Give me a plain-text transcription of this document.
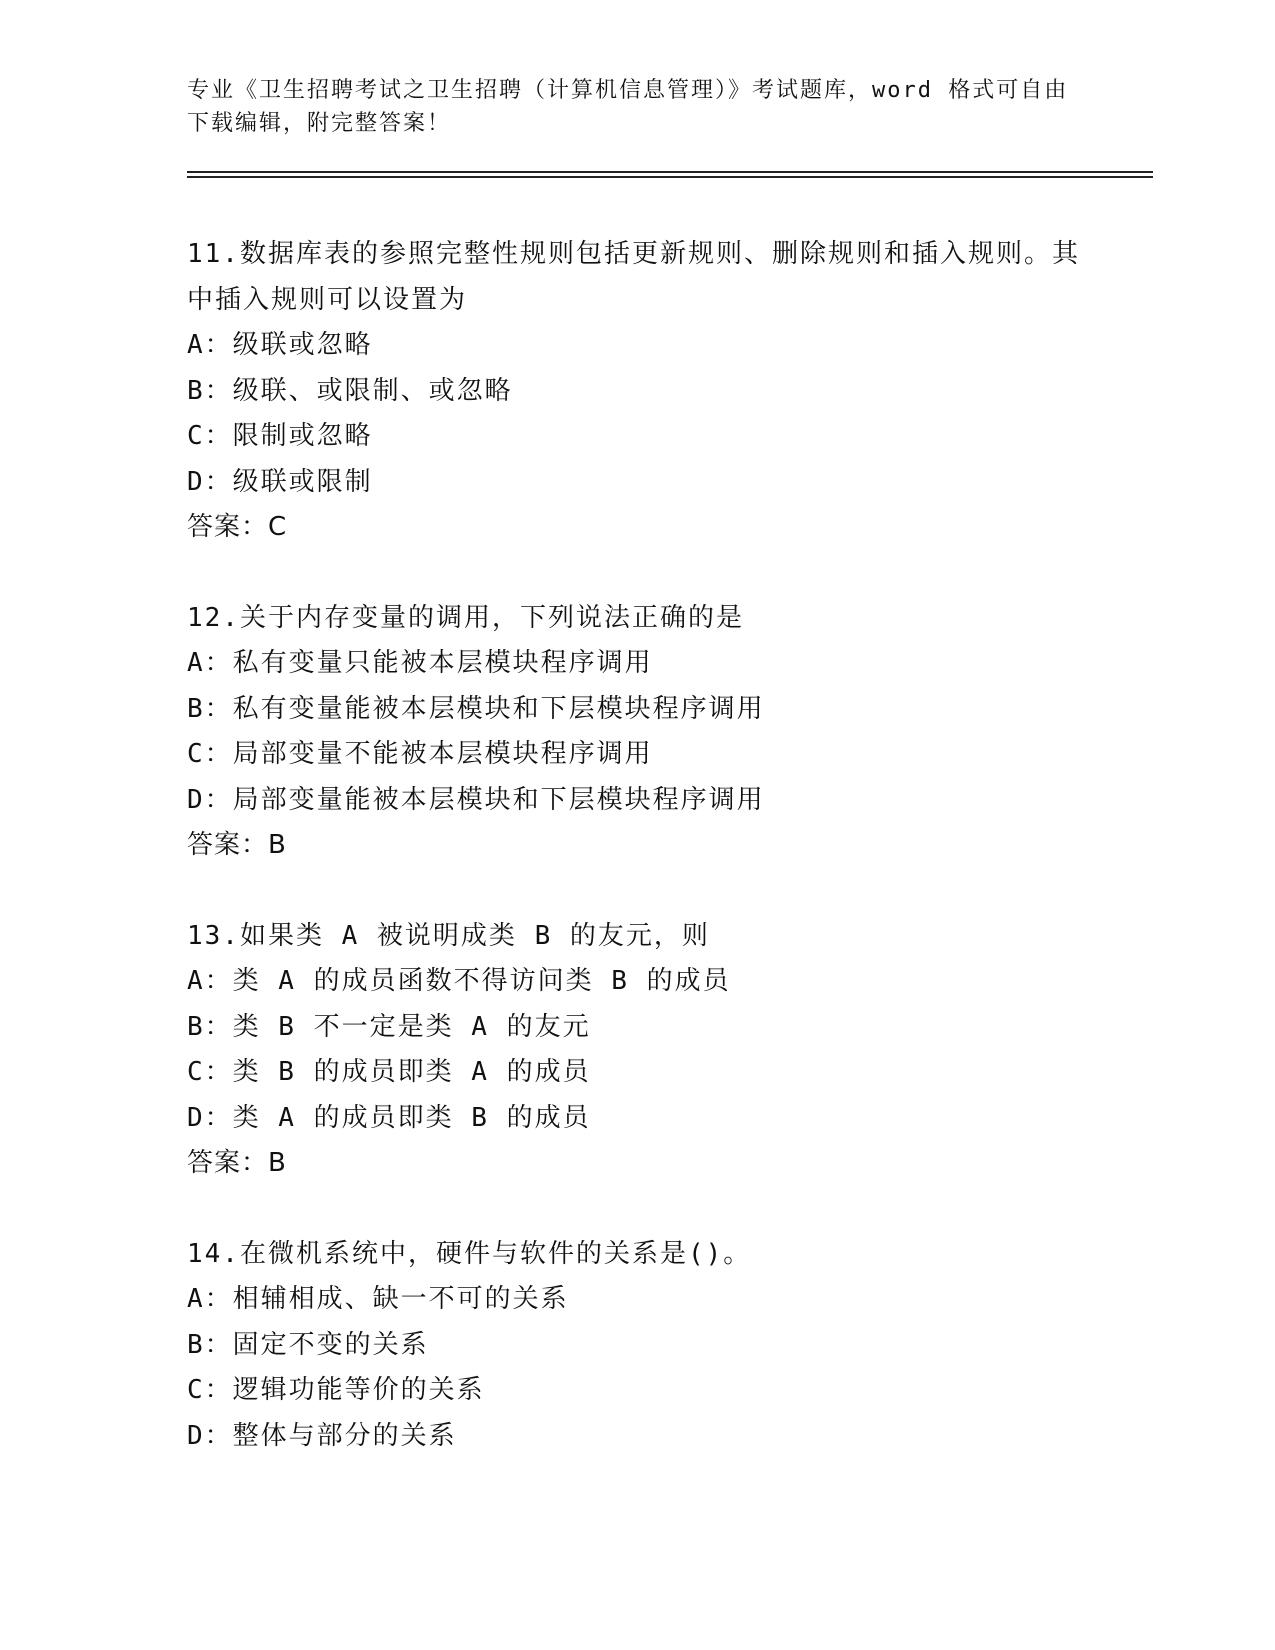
专业《卫生招聘考试之卫生招聘（计算机信息管理）》考试题库，word 格式可自由下载编辑，附完整答案！
11.数据库表的参照完整性规则包括更新规则、删除规则和插入规则。其中插入规则可以设置为
A：级联或忽略
B：级联、或限制、或忽略
C：限制或忽略
D：级联或限制
答案：C
12.关于内存变量的调用，下列说法正确的是
A：私有变量只能被本层模块程序调用
B：私有变量能被本层模块和下层模块程序调用
C：局部变量不能被本层模块程序调用
D：局部变量能被本层模块和下层模块程序调用
答案：B
13.如果类 A 被说明成类 B 的友元，则
A：类 A 的成员函数不得访问类 B 的成员
B：类 B 不一定是类 A 的友元
C：类 B 的成员即类 A 的成员
D：类 A 的成员即类 B 的成员
答案：B
14.在微机系统中，硬件与软件的关系是()。
A：相辅相成、缺一不可的关系
B：固定不变的关系
C：逻辑功能等价的关系
D：整体与部分的关系
